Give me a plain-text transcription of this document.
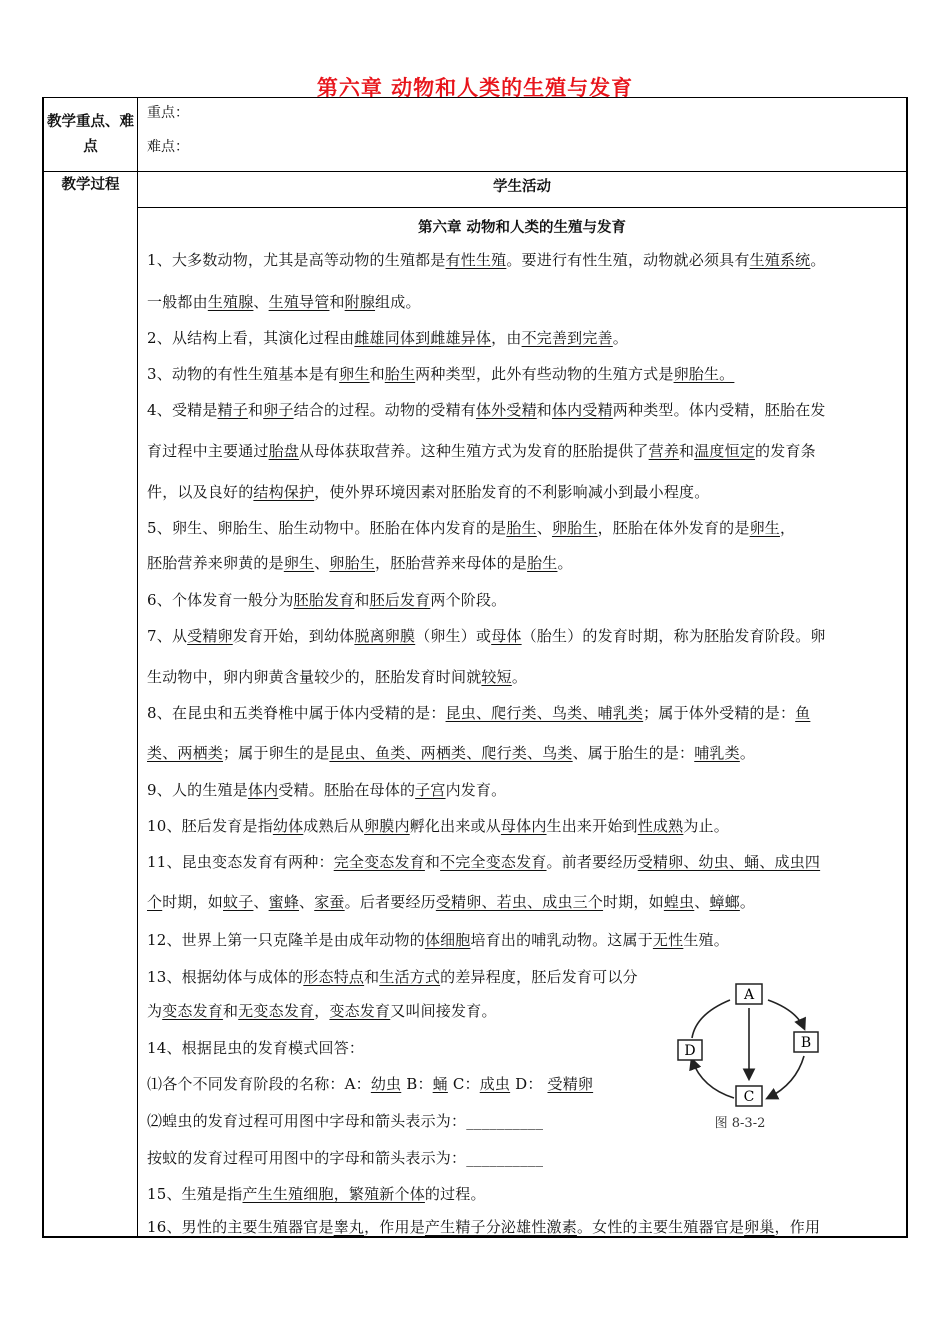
第六章 动物和人类的生殖与发育
教学重点、难点
教学过程
重点：
难点：
学生活动
第六章 动物和人类的生殖与发育
1、大多数动物，尤其是高等动物的生殖都是有性生殖。要进行有性生殖，动物就必须具有生殖系统。
一般都由生殖腺、生殖导管和附腺组成。
2、从结构上看，其演化过程由雌雄同体到雌雄异体，由不完善到完善。
3、动物的有性生殖基本是有卵生和胎生两种类型，此外有些动物的生殖方式是卵胎生。
4、受精是精子和卵子结合的过程。动物的受精有体外受精和体内受精两种类型。体内受精，胚胎在发
育过程中主要通过胎盘从母体获取营养。这种生殖方式为发育的胚胎提供了营养和温度恒定的发育条
件，以及良好的结构保护，使外界环境因素对胚胎发育的不利影响减小到最小程度。
5、卵生、卵胎生、胎生动物中。胚胎在体内发育的是胎生、卵胎生，胚胎在体外发育的是卵生，
胚胎营养来卵黄的是卵生、卵胎生，胚胎营养来母体的是胎生。
6、个体发育一般分为胚胎发育和胚后发育两个阶段。
7、从受精卵发育开始，到幼体脱离卵膜（卵生）或母体（胎生）的发育时期，称为胚胎发育阶段。卵
生动物中，卵内卵黄含量较少的，胚胎发育时间就较短。
8、在昆虫和五类脊椎中属于体内受精的是：昆虫、爬行类、鸟类、哺乳类；属于体外受精的是：鱼
类、两栖类；属于卵生的是昆虫、鱼类、两栖类、爬行类、鸟类、属于胎生的是：哺乳类。
9、人的生殖是体内受精。胚胎在母体的子宫内发育。
10、胚后发育是指幼体成熟后从卵膜内孵化出来或从母体内生出来开始到性成熟为止。
11、昆虫变态发育有两种：完全变态发育和不完全变态发育。前者要经历受精卵、幼虫、蛹、成虫四
个时期，如蚊子、蜜蜂、家蚕。后者要经历受精卵、若虫、成虫三个时期，如蝗虫、蟑螂。
12、世界上第一只克隆羊是由成年动物的体细胞培育出的哺乳动物。这属于无性生殖。
13、根据幼体与成体的形态特点和生活方式的差异程度，胚后发育可以分
为变态发育和无变态发育，变态发育又叫间接发育。
14、根据昆虫的发育模式回答：
⑴各个不同发育阶段的名称：A：幼虫 B：蛹 C：成虫 D： 受精卵
⑵蝗虫的发育过程可用图中字母和箭头表示为：__________
按蚊的发育过程可用图中的字母和箭头表示为：__________
15、生殖是指产生生殖细胞，繁殖新个体的过程。
16、男性的主要生殖器官是睾丸，作用是产生精子分泌雄性激素。女性的主要生殖器官是卵巢，作用
A
B
C
D
图 8-3-2
